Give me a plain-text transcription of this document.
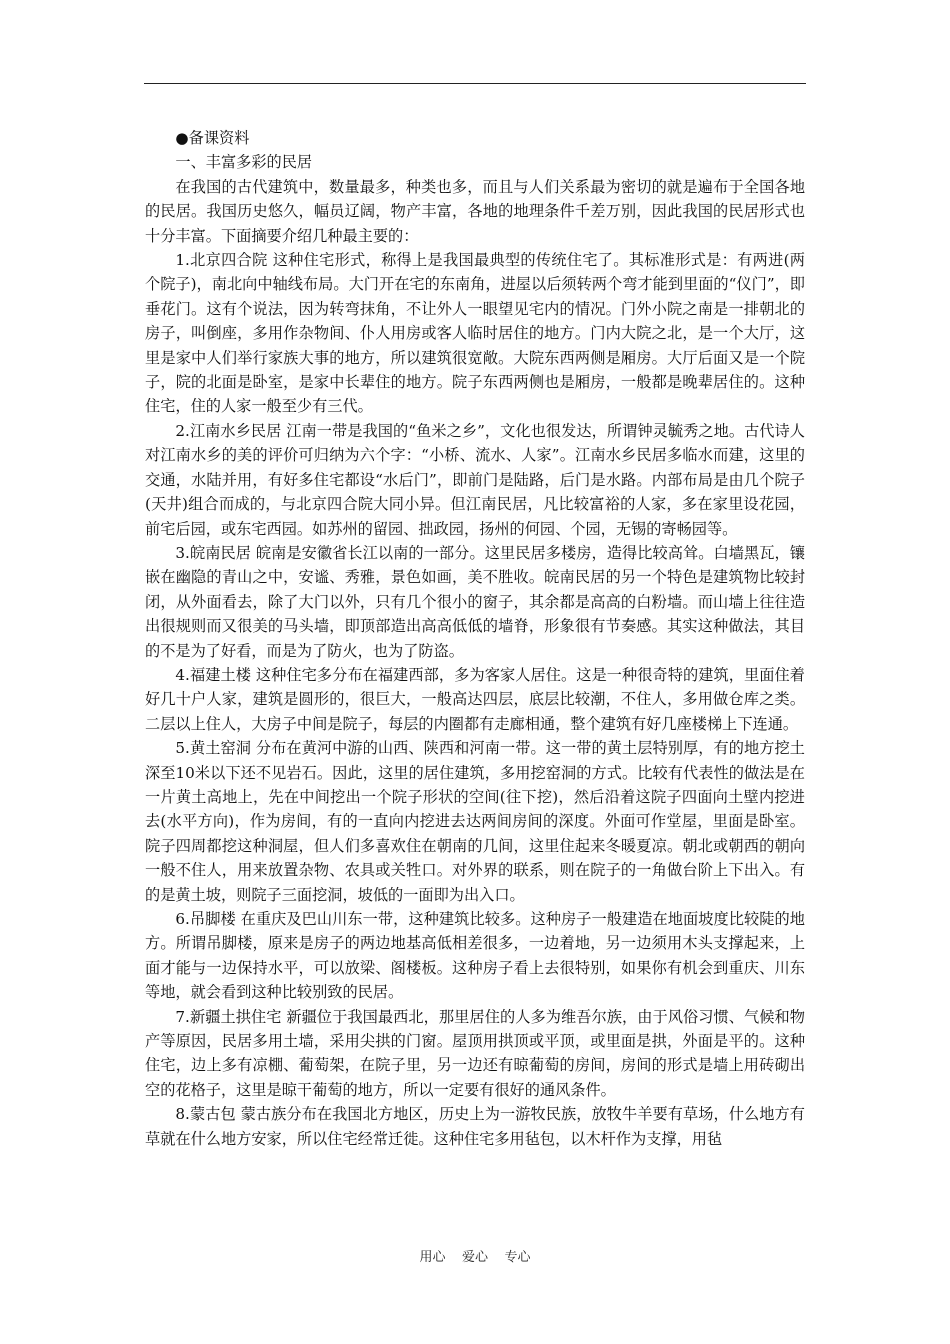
●备课资料

一、丰富多彩的民居

在我国的古代建筑中，数量最多，种类也多，而且与人们关系最为密切的就是遍布于全国各地的民居。我国历史悠久，幅员辽阔，物产丰富，各地的地理条件千差万别，因此我国的民居形式也十分丰富。下面摘要介绍几种最主要的：

1.北京四合院 这种住宅形式，称得上是我国最典型的传统住宅了。其标准形式是：有两进(两个院子)，南北向中轴线布局。大门开在宅的东南角，进屋以后须转两个弯才能到里面的“仪门”，即垂花门。这有个说法，因为转弯抹角，不让外人一眼望见宅内的情况。门外小院之南是一排朝北的房子，叫倒座，多用作杂物间、仆人用房或客人临时居住的地方。门内大院之北，是一个大厅，这里是家中人们举行家族大事的地方，所以建筑很宽敞。大院东西两侧是厢房。大厅后面又是一个院子，院的北面是卧室，是家中长辈住的地方。院子东西两侧也是厢房，一般都是晚辈居住的。这种住宅，住的人家一般至少有三代。

2.江南水乡民居 江南一带是我国的“鱼米之乡”，文化也很发达，所谓钟灵毓秀之地。古代诗人对江南水乡的美的评价可归纳为六个字：“小桥、流水、人家”。江南水乡民居多临水而建，这里的交通，水陆并用，有好多住宅都设“水后门”，即前门是陆路，后门是水路。内部布局是由几个院子(天井)组合而成的，与北京四合院大同小异。但江南民居，凡比较富裕的人家，多在家里设花园，前宅后园，或东宅西园。如苏州的留园、拙政园，扬州的何园、个园，无锡的寄畅园等。

3.皖南民居 皖南是安徽省长江以南的一部分。这里民居多楼房，造得比较高耸。白墙黑瓦，镶嵌在幽隐的青山之中，安谧、秀雅，景色如画，美不胜收。皖南民居的另一个特色是建筑物比较封闭，从外面看去，除了大门以外，只有几个很小的窗子，其余都是高高的白粉墙。而山墙上往往造出很规则而又很美的马头墙，即顶部造出高高低低的墙脊，形象很有节奏感。其实这种做法，其目的不是为了好看，而是为了防火，也为了防盗。

4.福建土楼 这种住宅多分布在福建西部，多为客家人居住。这是一种很奇特的建筑，里面住着好几十户人家，建筑是圆形的，很巨大，一般高达四层，底层比较潮，不住人，多用做仓库之类。二层以上住人，大房子中间是院子，每层的内圈都有走廊相通，整个建筑有好几座楼梯上下连通。

5.黄土窑洞 分布在黄河中游的山西、陕西和河南一带。这一带的黄土层特别厚，有的地方挖土深至10米以下还不见岩石。因此，这里的居住建筑，多用挖窑洞的方式。比较有代表性的做法是在一片黄土高地上，先在中间挖出一个院子形状的空间(往下挖)，然后沿着这院子四面向土壁内挖进去(水平方向)，作为房间，有的一直向内挖进去达两间房间的深度。外面可作堂屋，里面是卧室。院子四周都挖这种洞屋，但人们多喜欢住在朝南的几间，这里住起来冬暖夏凉。朝北或朝西的朝向一般不住人，用来放置杂物、农具或关牲口。对外界的联系，则在院子的一角做台阶上下出入。有的是黄土坡，则院子三面挖洞，坡低的一面即为出入口。

6.吊脚楼 在重庆及巴山川东一带，这种建筑比较多。这种房子一般建造在地面坡度比较陡的地方。所谓吊脚楼，原来是房子的两边地基高低相差很多，一边着地，另一边须用木头支撑起来，上面才能与一边保持水平，可以放梁、阁楼板。这种房子看上去很特别，如果你有机会到重庆、川东等地，就会看到这种比较别致的民居。

7.新疆土拱住宅 新疆位于我国最西北，那里居住的人多为维吾尔族，由于风俗习惯、气候和物产等原因，民居多用土墙，采用尖拱的门窗。屋顶用拱顶或平顶，或里面是拱，外面是平的。这种住宅，边上多有凉棚、葡萄架，在院子里，另一边还有晾葡萄的房间，房间的形式是墙上用砖砌出空的花格子，这里是晾干葡萄的地方，所以一定要有很好的通风条件。

8.蒙古包 蒙古族分布在我国北方地区，历史上为一游牧民族，放牧牛羊要有草场，什么地方有草就在什么地方安家，所以住宅经常迁徙。这种住宅多用毡包，以木杆作为支撑，用毡

用心    爱心    专心
